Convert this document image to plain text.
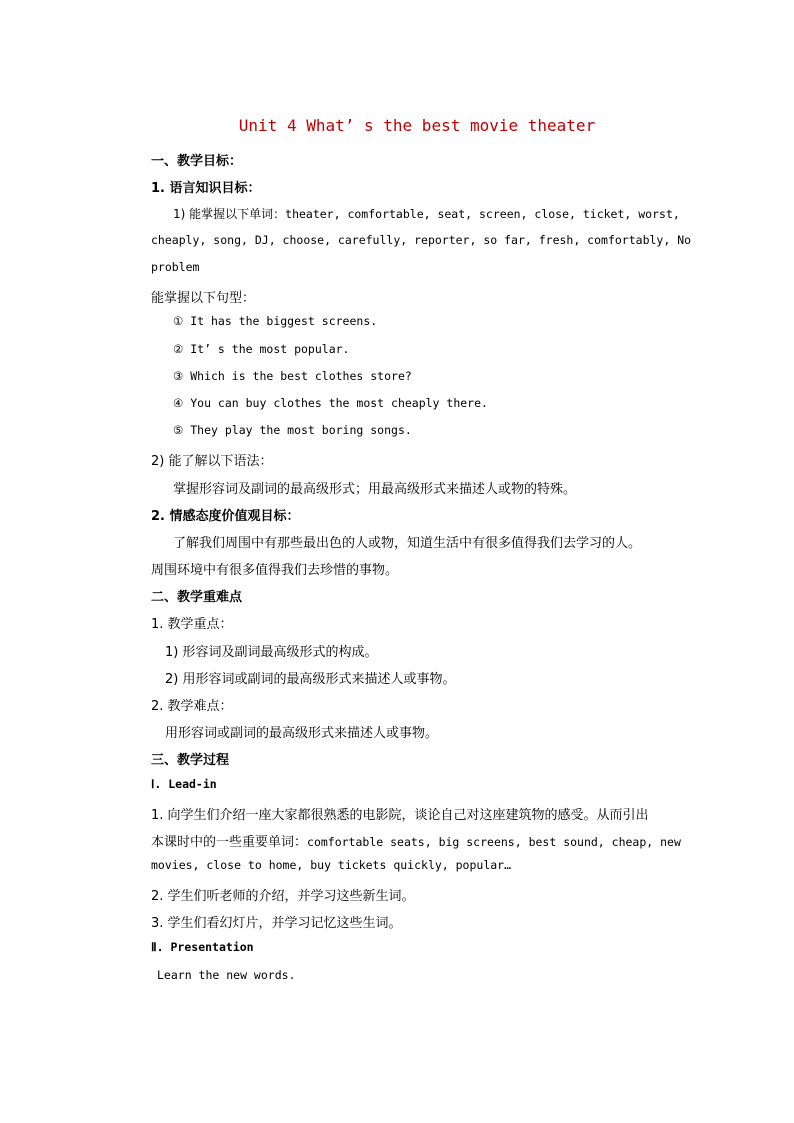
Unit 4 What’ s the best movie theater
一、教学目标：
1. 语言知识目标：
1) 能掌握以下单词：theater, comfortable, seat, screen, close, ticket, worst,
cheaply, song, DJ, choose, carefully, reporter, so far, fresh, comfortably, No
problem
能掌握以下句型：
① It has the biggest screens.
② It’ s the most popular.
③ Which is the best clothes store?
④ You can buy clothes the most cheaply there.
⑤ They play the most boring songs.
2) 能了解以下语法：
掌握形容词及副词的最高级形式；用最高级形式来描述人或物的特殊。
2. 情感态度价值观目标：
了解我们周围中有那些最出色的人或物，知道生活中有很多值得我们去学习的人。
周围环境中有很多值得我们去珍惜的事物。
二、教学重难点
1. 教学重点：
1) 形容词及副词最高级形式的构成。
2) 用形容词或副词的最高级形式来描述人或事物。
2. 教学难点：
用形容词或副词的最高级形式来描述人或事物。
三、教学过程
Ⅰ. Lead-in
1. 向学生们介绍一座大家都很熟悉的电影院，谈论自己对这座建筑物的感受。从而引出
本课时中的一些重要单词：comfortable seats, big screens, best sound, cheap, new
movies, close to home, buy tickets quickly, popular…
2. 学生们听老师的介绍，并学习这些新生词。
3. 学生们看幻灯片，并学习记忆这些生词。
Ⅱ. Presentation
Learn the new words.
